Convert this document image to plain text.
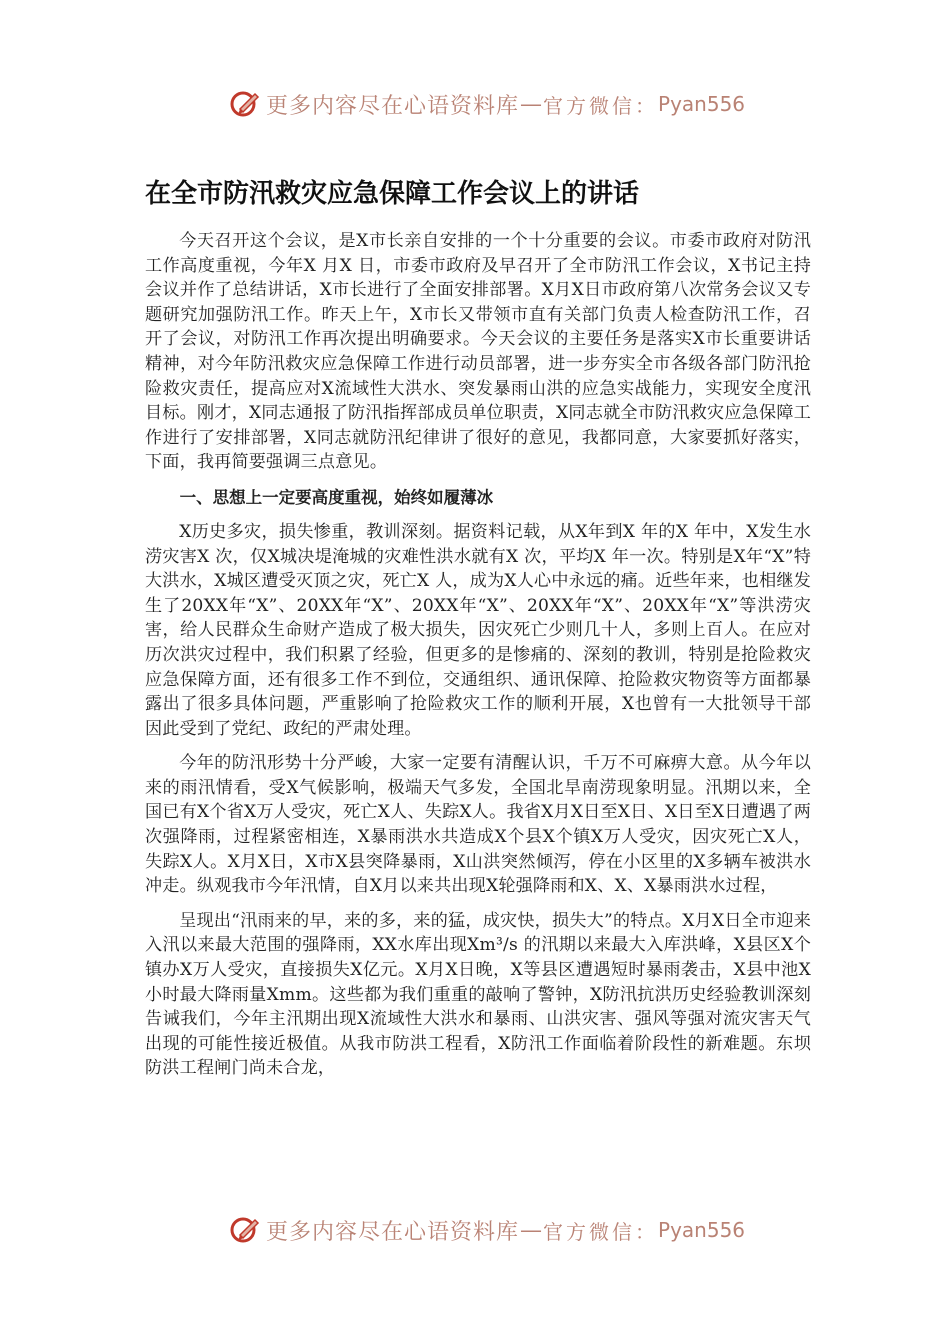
更多内容尽在心语资料库 — 官方微信： Pyan556
在全市防汛救灾应急保障工作会议上的讲话

今天召开这个会议，是X市长亲自安排的一个十分重要的会议。市委市政府对防汛工作高度重视，今年X 月X 日，市委市政府及早召开了全市防汛工作会议，X书记主持会议并作了总结讲话，X市长进行了全面安排部署。X月X日市政府第八次常务会议又专题研究加强防汛工作。昨天上午，X市长又带领市直有关部门负责人检查防汛工作，召开了会议，对防汛工作再次提出明确要求。今天会议的主要任务是落实X市长重要讲话精神，对今年防汛救灾应急保障工作进行动员部署，进一步夯实全市各级各部门防汛抢险救灾责任，提高应对X流域性大洪水、突发暴雨山洪的应急实战能力，实现安全度汛目标。刚才，X同志通报了防汛指挥部成员单位职责，X同志就全市防汛救灾应急保障工作进行了安排部署，X同志就防汛纪律讲了很好的意见，我都同意，大家要抓好落实，下面，我再简要强调三点意见。

一、思想上一定要高度重视，始终如履薄冰

X历史多灾，损失惨重，教训深刻。据资料记载，从X年到X 年的X 年中，X发生水涝灾害X 次，仅X城决堤淹城的灾难性洪水就有X 次，平均X 年一次。特别是X年“X”特大洪水，X城区遭受灭顶之灾，死亡X 人，成为X人心中永远的痛。近些年来，也相继发生了20XX年“X”、20XX年“X”、20XX年“X”、20XX年“X”、20XX年“X”等洪涝灾害，给人民群众生命财产造成了极大损失，因灾死亡少则几十人，多则上百人。在应对历次洪灾过程中，我们积累了经验，但更多的是惨痛的、深刻的教训，特别是抢险救灾应急保障方面，还有很多工作不到位，交通组织、通讯保障、抢险救灾物资等方面都暴露出了很多具体问题，严重影响了抢险救灾工作的顺利开展，X也曾有一大批领导干部因此受到了党纪、政纪的严肃处理。

今年的防汛形势十分严峻，大家一定要有清醒认识，千万不可麻痹大意。从今年以来的雨汛情看，受X气候影响，极端天气多发，全国北旱南涝现象明显。汛期以来，全国已有X个省X万人受灾，死亡X人、失踪X人。我省X月X日至X日、X日至X日遭遇了两次强降雨，过程紧密相连，X暴雨洪水共造成X个县X个镇X万人受灾，因灾死亡X人，失踪X人。X月X日，X市X县突降暴雨，X山洪突然倾泻，停在小区里的X多辆车被洪水冲走。纵观我市今年汛情，自X月以来共出现X轮强降雨和X、X、X暴雨洪水过程，

呈现出“汛雨来的早，来的多，来的猛，成灾快，损失大”的特点。X月X日全市迎来入汛以来最大范围的强降雨，XX水库出现Xm³/s 的汛期以来最大入库洪峰，X县区X个镇办X万人受灾，直接损失X亿元。X月X日晚，X等县区遭遇短时暴雨袭击，X县中池X小时最大降雨量Xmm。这些都为我们重重的敲响了警钟，X防汛抗洪历史经验教训深刻告诫我们，今年主汛期出现X流域性大洪水和暴雨、山洪灾害、强风等强对流灾害天气出现的可能性接近极值。从我市防洪工程看，X防汛工作面临着阶段性的新难题。东坝防洪工程闸门尚未合龙，

更多内容尽在心语资料库 — 官方微信： Pyan556
